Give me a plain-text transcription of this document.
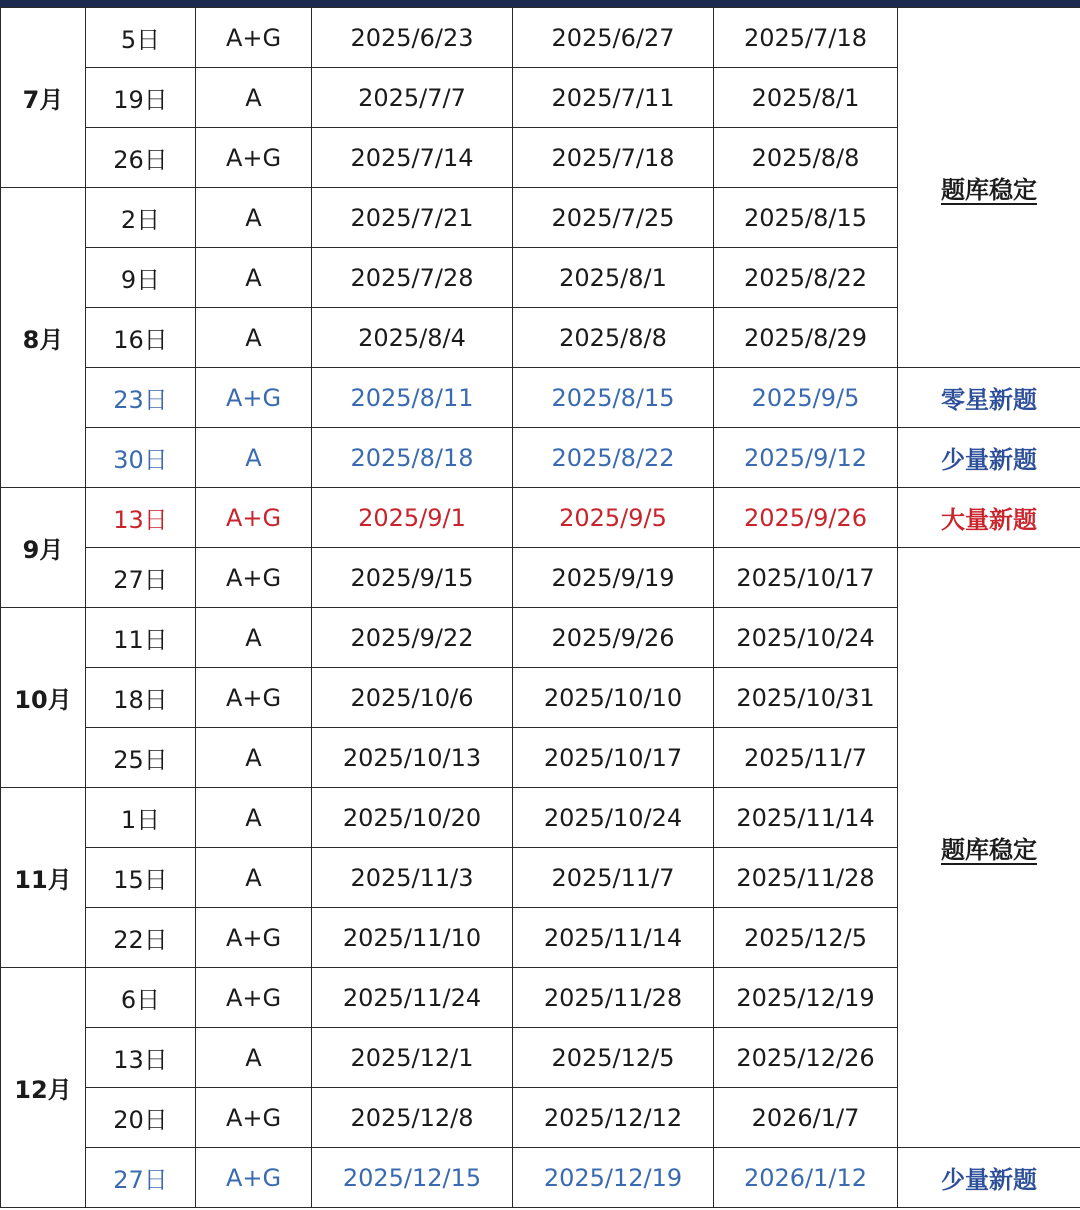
7月	5日	A+G	2025/6/23	2025/6/27	2025/7/18	题库稳定
	19日	A	2025/7/7	2025/7/11	2025/8/1	
	26日	A+G	2025/7/14	2025/7/18	2025/8/8	
8月	2日	A	2025/7/21	2025/7/25	2025/8/15	
	9日	A	2025/7/28	2025/8/1	2025/8/22	
	16日	A	2025/8/4	2025/8/8	2025/8/29	
	23日	A+G	2025/8/11	2025/8/15	2025/9/5	零星新题
	30日	A	2025/8/18	2025/8/22	2025/9/12	少量新题
9月	13日	A+G	2025/9/1	2025/9/5	2025/9/26	大量新题
	27日	A+G	2025/9/15	2025/9/19	2025/10/17	题库稳定
10月	11日	A	2025/9/22	2025/9/26	2025/10/24	
	18日	A+G	2025/10/6	2025/10/10	2025/10/31	
	25日	A	2025/10/13	2025/10/17	2025/11/7	
11月	1日	A	2025/10/20	2025/10/24	2025/11/14	
	15日	A	2025/11/3	2025/11/7	2025/11/28	
	22日	A+G	2025/11/10	2025/11/14	2025/12/5	
12月	6日	A+G	2025/11/24	2025/11/28	2025/12/19	
	13日	A	2025/12/1	2025/12/5	2025/12/26	
	20日	A+G	2025/12/8	2025/12/12	2026/1/7	
	27日	A+G	2025/12/15	2025/12/19	2026/1/12	少量新题
